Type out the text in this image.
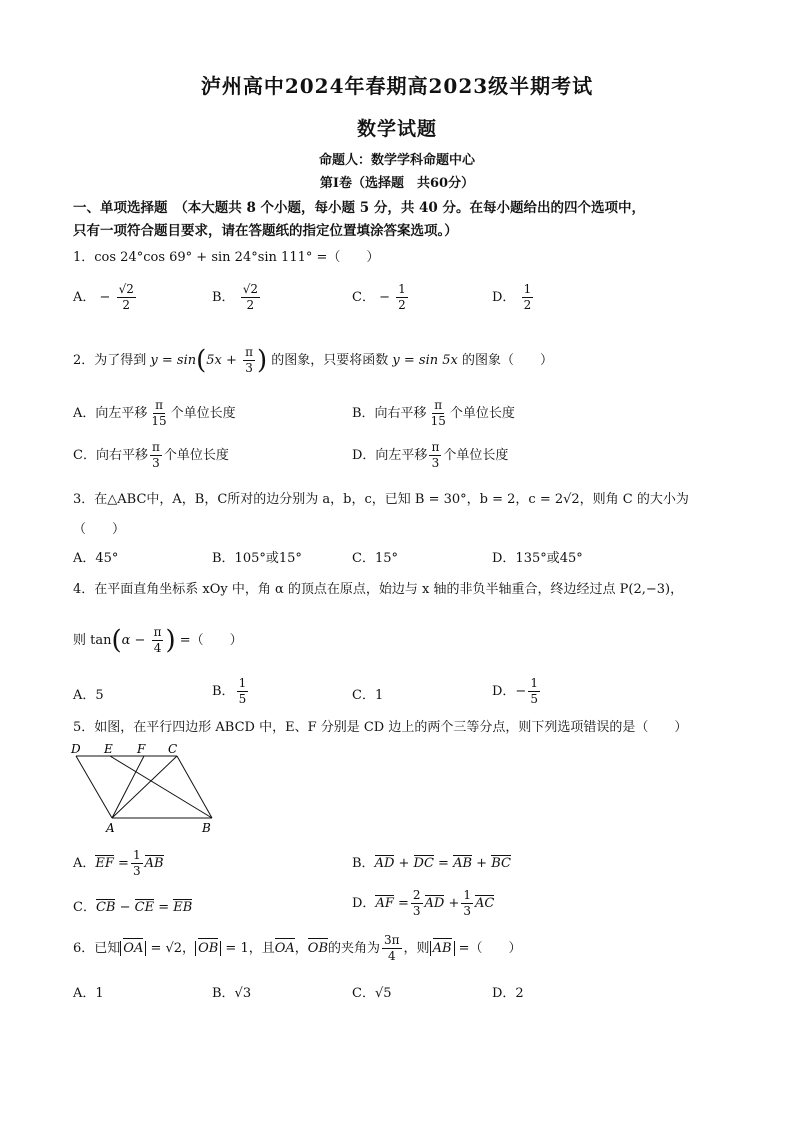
泸州高中2024年春期高2023级半期考试
数学试题
命题人：数学学科命题中心
第Ⅰ卷（选择题　共60分）
一、单项选择题　（本大题共 8 个小题，每小题 5 分，共 40 分。在每小题给出的四个选项中，
只有一项符合题目要求，请在答题纸的指定位置填涂答案选项。）
1．cos 24°cos 69° + sin 24°sin 111° =（　　）
A． − $\frac{√2}{2}$	B． $\frac{√2}{2}$	C． − $\frac{1}{2}$	D． $\frac{1}{2}$
2．为了得到 $y = \sin(5x + \frac{\pi}{3}$ ) 的图象，只要将函数 y = sin 5x 的图象（　　）
A．向左平移 $\frac{\pi}{15}$ 个单位长度	B．向右平移 $\frac{\pi}{15}$ 个单位长度
C．向右平移 $\frac{\pi}{3}$ 个单位长度	D．向左平移 $\frac{\pi}{3}$ 个单位长度
3．在△ABC中，A，B，C所对的边分别为 a，b，c，已知 B = 30°，b = 2，c = 2√2，则角 C 的大小为
（　　）
A．45°	B．105°或15°	C．15°	D．135°或45°
4．在平面直角坐标系 xOy 中，角 α 的顶点在原点，始边与 x 轴的非负半轴重合，终边经过点 P(2,−3)，
则 $\tan(\alpha - \frac{\pi}{4}$ ) =（　　）
A．5	B． $\frac{1}{5}$	C．1	D．− $\frac{1}{5}$
5．如图，在平行四边形 ABCD 中，E、F 分别是 CD 边上的两个三等分点，则下列选项错误的是（　　）
D E F C
A	B
A．EF = $\frac{1}{3}$ AB	B．AD + DC = AB + BC
C．CB − CE = EB	D．AF = $\frac{2}{3}$ AD + $\frac{1}{3}$ AC
6．已知 OA = √2， OB = 1，且OA，OB的夹角为 $\frac{3\pi}{4}$ ，则 AB =（　　）
A．1	B．√3	C．√5	D．2
